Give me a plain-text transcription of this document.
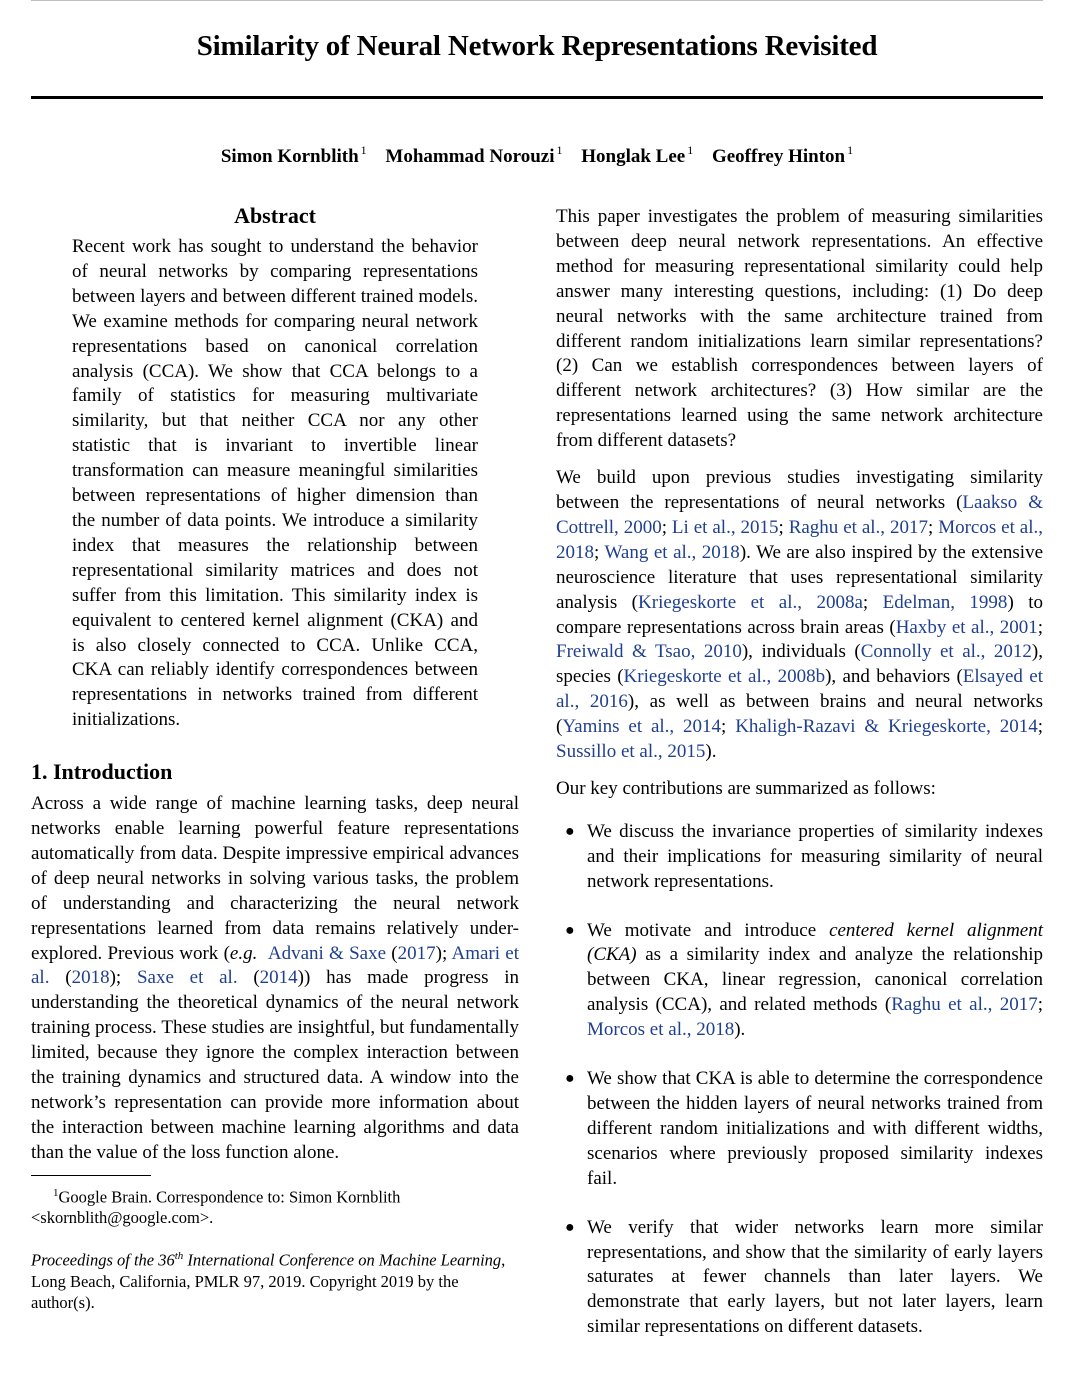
Similarity of Neural Network Representations Revisited
Simon Kornblith $^1$ Mohammad Norouzi $^1$ Honglak Lee $^1$ Geoffrey Hinton $^1$
Abstract

Recent work has sought to understand the behavior of neural networks by comparing representations between layers and between different trained models. We examine methods for comparing neural network representations based on canonical correlation analysis (CCA). We show that CCA belongs to a family of statistics for measuring multivariate similarity, but that neither CCA nor any other statistic that is invariant to invertible linear transformation can measure meaningful similarities between representations of higher dimension than the number of data points. We introduce a similarity index that measures the relationship between representational similarity matrices and does not suffer from this limitation. This similarity index is equivalent to centered kernel alignment (CKA) and is also closely connected to CCA. Unlike CCA, CKA can reliably identify correspondences between representations in networks trained from different initializations.

1. Introduction

Across a wide range of machine learning tasks, deep neural networks enable learning powerful feature representations automatically from data. Despite impressive empirical advances of deep neural networks in solving various tasks, the problem of understanding and characterizing the neural network representations learned from data remains relatively under-explored. Previous work (e.g. Advani & Saxe (2017); Amari et al. (2018); Saxe et al. (2014)) has made progress in understanding the theoretical dynamics of the neural network training process. These studies are insightful, but fundamentally limited, because they ignore the complex interaction between the training dynamics and structured data. A window into the network’s representation can provide more information about the interaction between machine learning algorithms and data than the value of the loss function alone.

$^1$Google Brain. Correspondence to: Simon Kornblith <skornblith@google.com>.
Proceedings of the 36th International Conference on Machine Learning, Long Beach, California, PMLR 97, 2019. Copyright 2019 by the author(s).

This paper investigates the problem of measuring similarities between deep neural network representations. An effective method for measuring representational similarity could help answer many interesting questions, including: (1) Do deep neural networks with the same architecture trained from different random initializations learn similar representations? (2) Can we establish correspondences between layers of different network architectures? (3) How similar are the representations learned using the same network architecture from different datasets?

We build upon previous studies investigating similarity between the representations of neural networks (Laakso & Cottrell, 2000; Li et al., 2015; Raghu et al., 2017; Morcos et al., 2018; Wang et al., 2018). We are also inspired by the extensive neuroscience literature that uses representational similarity analysis (Kriegeskorte et al., 2008a; Edelman, 1998) to compare representations across brain areas (Haxby et al., 2001; Freiwald & Tsao, 2010), individuals (Connolly et al., 2012), species (Kriegeskorte et al., 2008b), and behaviors (Elsayed et al., 2016), as well as between brains and neural networks (Yamins et al., 2014; Khaligh-Razavi & Kriegeskorte, 2014; Sussillo et al., 2015).

Our key contributions are summarized as follows:

● We discuss the invariance properties of similarity indexes and their implications for measuring similarity of neural network representations.
● We motivate and introduce centered kernel alignment (CKA) as a similarity index and analyze the relationship between CKA, linear regression, canonical correlation analysis (CCA), and related methods (Raghu et al., 2017; Morcos et al., 2018).
● We show that CKA is able to determine the correspondence between the hidden layers of neural networks trained from different random initializations and with different widths, scenarios where previously proposed similarity indexes fail.
● We verify that wider networks learn more similar representations, and show that the similarity of early layers saturates at fewer channels than later layers. We demonstrate that early layers, but not later layers, learn similar representations on different datasets.
